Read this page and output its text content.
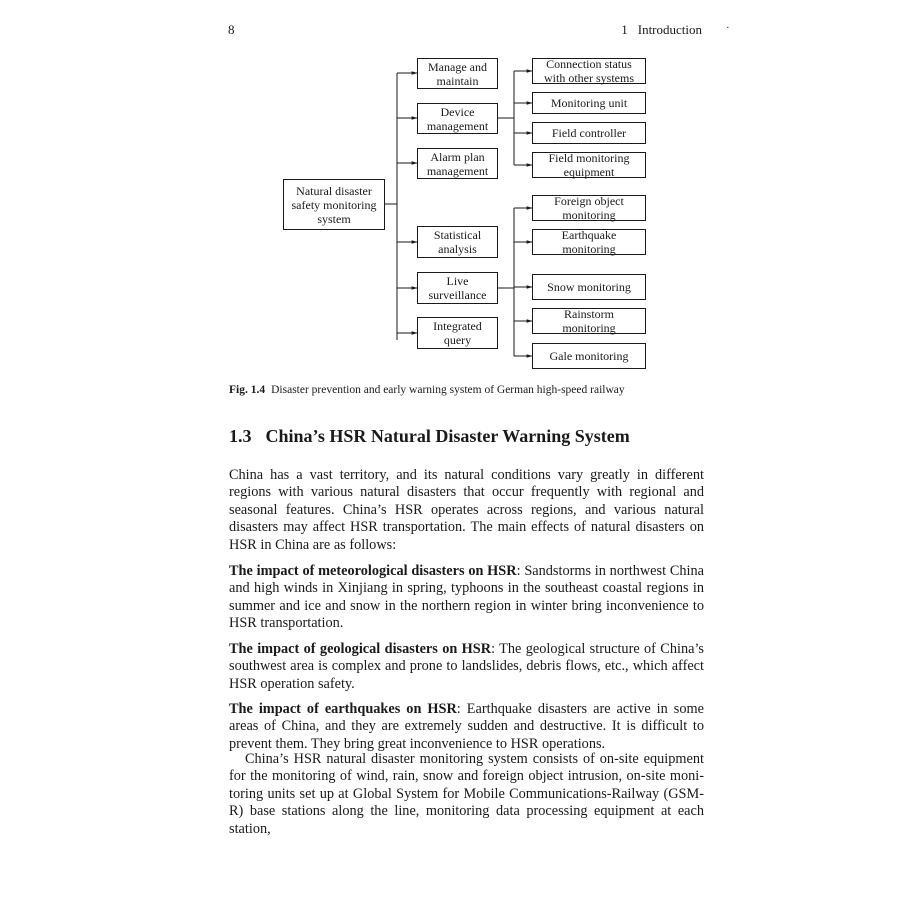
8	1 Introduction ·
Natural disaster safety monitoring system
Manage and maintain
Device management
Alarm plan management
Statistical analysis
Live surveillance
Integrated query
Connection status with other systems
Monitoring unit
Field controller
Field monitoring equipment
Foreign object monitoring
Earthquake monitoring
Snow monitoring
Rainstorm monitoring
Gale monitoring
Fig. 1.4 Disaster prevention and early warning system of German high-speed railway
1.3 China’s HSR Natural Disaster Warning System

China has a vast territory, and its natural conditions vary greatly in different regions with various natural disasters that occur frequently with regional and seasonal features. China’s HSR operates across regions, and various natural disasters may affect HSR transportation. The main effects of natural disasters on HSR in China are as follows:

The impact of meteorological disasters on HSR: Sandstorms in northwest China and high winds in Xinjiang in spring, typhoons in the southeast coastal regions in summer and ice and snow in the northern region in winter bring inconvenience to HSR transportation.

The impact of geological disasters on HSR: The geological structure of China’s southwest area is complex and prone to landslides, debris flows, etc., which affect HSR operation safety.

The impact of earthquakes on HSR: Earthquake disasters are active in some areas of China, and they are extremely sudden and destructive. It is difficult to prevent them. They bring great inconvenience to HSR operations.

China’s HSR natural disaster monitoring system consists of on-site equipment for the monitoring of wind, rain, snow and foreign object intrusion, on-site monitoring units set up at Global System for Mobile Communications-Railway (GSM-R) base stations along the line, monitoring data processing equipment at each station,
